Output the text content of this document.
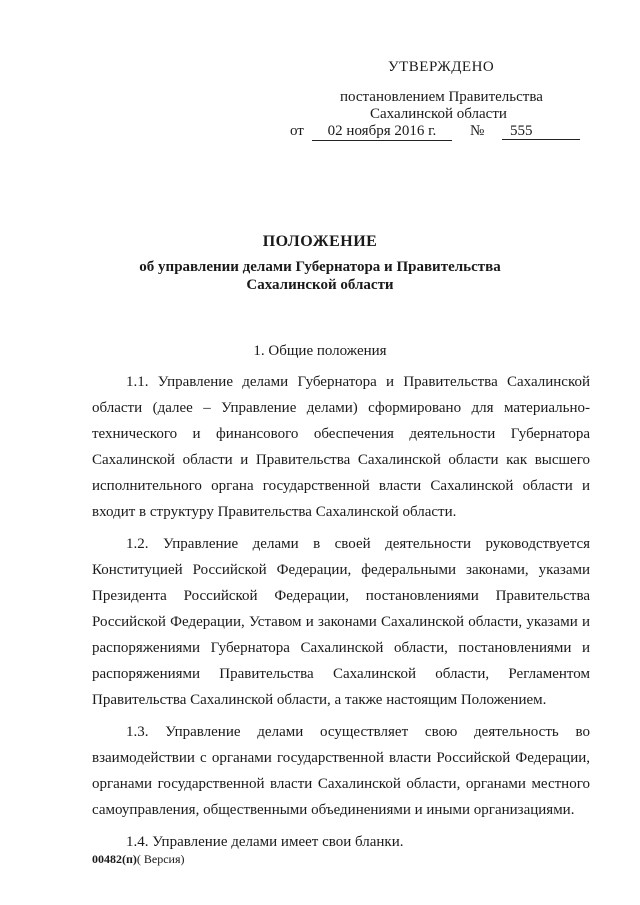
УТВЕРЖДЕНО
постановлением Правительства
Сахалинской области
от	02 ноября 2016 г.	№	555
ПОЛОЖЕНИЕ
об управлении делами Губернатора и Правительства
Сахалинской области
1. Общие положения

1.1. Управление делами Губернатора и Правительства Сахалинской области (далее – Управление делами) сформировано для материально-технического и финансового обеспечения деятельности Губернатора Сахалинской области и Правительства Сахалинской области как высшего исполнительного органа государственной власти Сахалинской области и входит в структуру Правительства Сахалинской области.

1.2. Управление делами в своей деятельности руководствуется Конституцией Российской Федерации, федеральными законами, указами Президента Российской Федерации, постановлениями Правительства Российской Федерации, Уставом и законами Сахалинской области, указами и распоряжениями Губернатора Сахалинской области, постановлениями и распоряжениями Правительства Сахалинской области, Регламентом Правительства Сахалинской области, а также настоящим Положением.

1.3. Управление делами осуществляет свою деятельность во взаимодействии с органами государственной власти Российской Федерации, органами государственной власти Сахалинской области, органами местного самоуправления, общественными объединениями и иными организациями.

1.4. Управление делами имеет свои бланки.

00482(п)( Версия)
